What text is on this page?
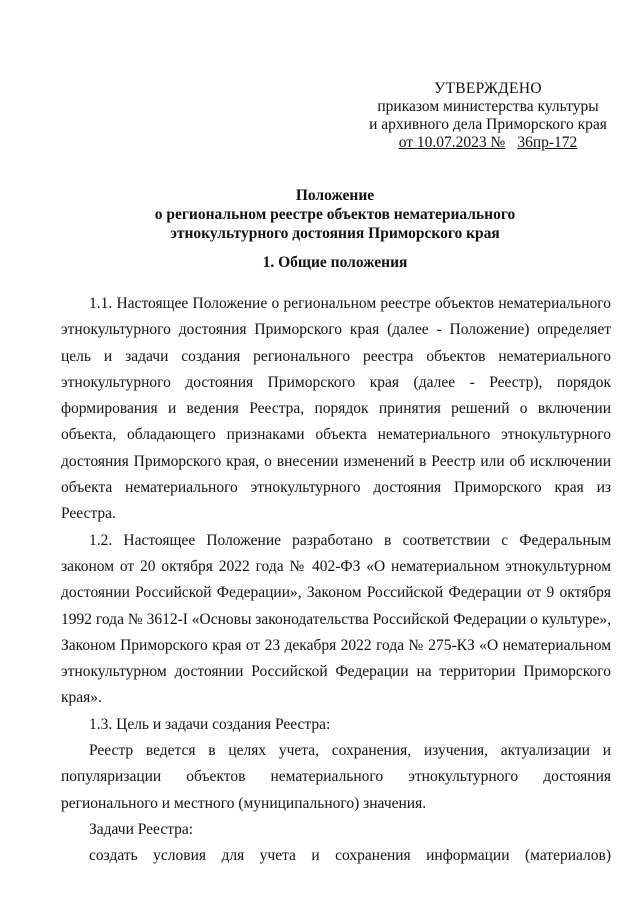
УТВЕРЖДЕНО
приказом министерства культуры
и архивного дела Приморского края
от 10.07.2023 № 36пр-172
Положение
о региональном реестре объектов нематериального
этнокультурного достояния Приморского края
1. Общие положения

1.1. Настоящее Положение о региональном реестре объектов нематериального этнокультурного достояния Приморского края (далее - Положение) определяет цель и задачи создания регионального реестра объектов нематериального этнокультурного достояния Приморского края (далее - Реестр), порядок формирования и ведения Реестра, порядок принятия решений о включении объекта, обладающего признаками объекта нематериального этнокультурного достояния Приморского края, о внесении изменений в Реестр или об исключении объекта нематериального этнокультурного достояния Приморского края из Реестра.

1.2. Настоящее Положение разработано в соответствии с Федеральным законом от 20 октября 2022 года № 402-ФЗ «О нематериальном этнокультурном достоянии Российской Федерации», Законом Российской Федерации от 9 октября 1992 года № 3612-I «Основы законодательства Российской Федерации о культуре», Законом Приморского края от 23 декабря 2022 года № 275-КЗ «О нематериальном этнокультурном достоянии Российской Федерации на территории Приморского края».

1.3. Цель и задачи создания Реестра:

Реестр ведется в целях учета, сохранения, изучения, актуализации и популяризации объектов нематериального этнокультурного достояния регионального и местного (муниципального) значения.

Задачи Реестра:

создать условия для учета и сохранения информации (материалов)
